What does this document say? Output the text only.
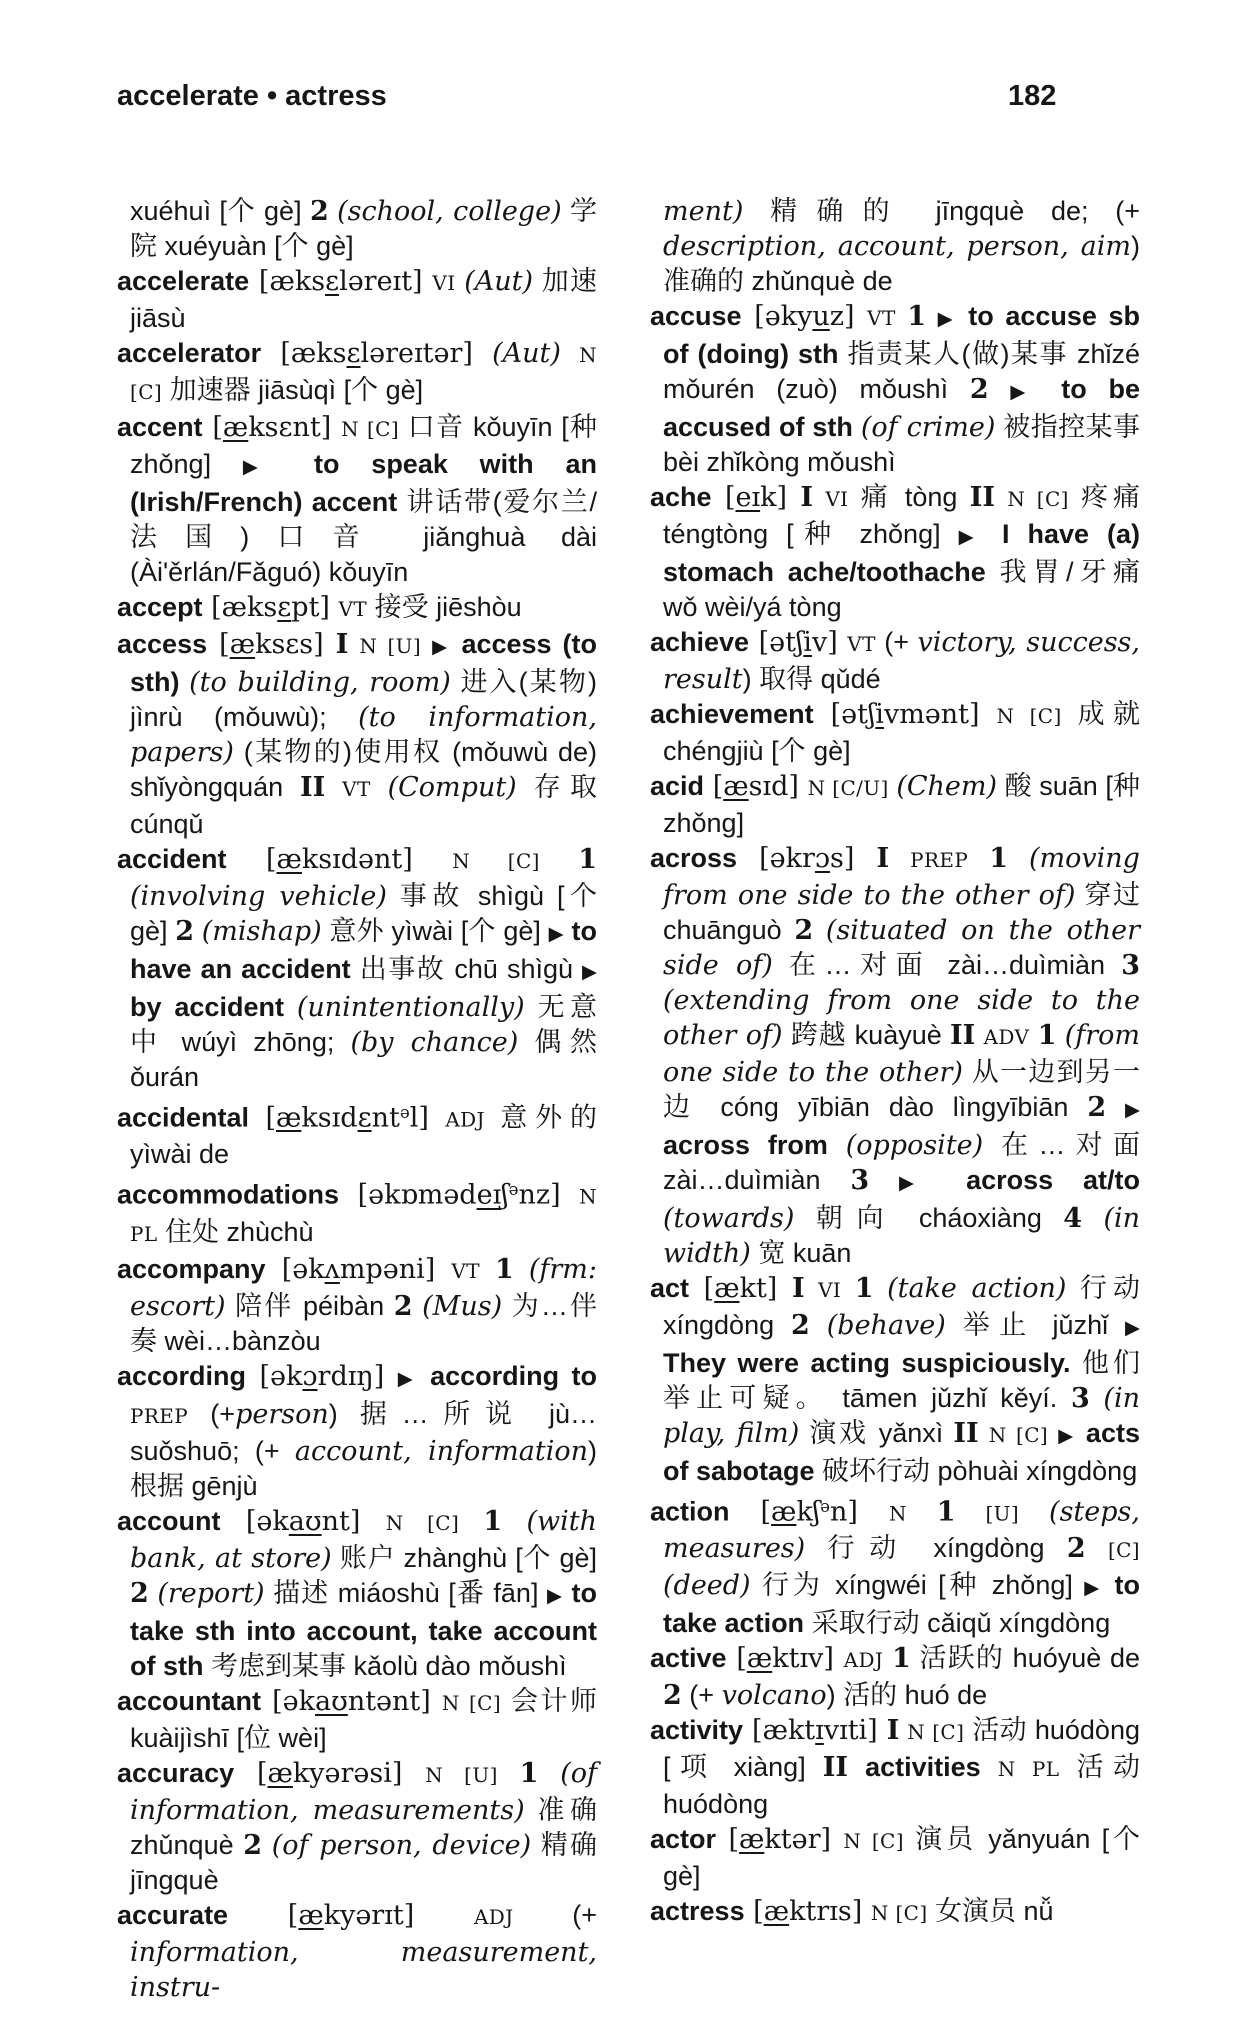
accelerate • actress	182

xuéhuì [个 gè] 2 (school, college) 学院 xuéyuàn [个 gè]

accelerate [æksɛləreɪt] VI (Aut) 加速 jiāsù

accelerator [æksɛləreɪtər] (Aut) N [C] 加速器 jiāsùqì [个 gè]

accent [æksɛnt] N [C] 口音 kǒuyīn [种 zhǒng] ▶ to speak with an (Irish/French) accent 讲话带(爱尔兰/法国)口音 jiǎnghuà dài (Ài'ěrlán/Fǎguó) kǒuyīn

accept [æksɛpt] VT 接受 jiēshòu

access [æksɛs] I N [U] ▶ access (to sth) (to building, room) 进入(某物) jìnrù (mǒuwù); (to information, papers) (某物的)使用权 (mǒuwù de) shǐyòngquán II VT (Comput) 存取 cúnqǔ

accident [æksɪdənt] N [C] 1 (involving vehicle) 事故 shìgù [个 gè] 2 (mishap) 意外 yìwài [个 gè] ▶ to have an accident 出事故 chū shìgù ▶ by accident (unintentionally) 无意中 wúyì zhōng; (by chance) 偶然 ǒurán

accidental [æksɪdɛnt$^ə$l] ADJ 意外的 yìwài de

accommodations [əkɒmədeɪʃ$^ə$nz] N PL 住处 zhùchù

accompany [əkʌmpəni] VT 1 (frm: escort) 陪伴 péibàn 2 (Mus) 为…伴奏 wèi…bànzòu

according [əkɔrdɪŋ] ▶ according to PREP (+person) 据…所说 jù…suǒshuō; (+ account, information) 根据 gēnjù

account [əkaʊnt] N [C] 1 (with bank, at store) 账户 zhànghù [个 gè] 2 (report) 描述 miáoshù [番 fān] ▶ to take sth into account, take account of sth 考虑到某事 kǎolù dào mǒushì

accountant [əkaʊntənt] N [C] 会计师 kuàijìshī [位 wèi]

accuracy [ækyərəsi] N [U] 1 (of information, measurements) 准确 zhǔnquè 2 (of person, device) 精确 jīngquè

accurate [ækyərɪt] ADJ (+ information, measurement, instru-

ment) 精确的 jīngquè de; (+ description, account, person, aim) 准确的 zhǔnquè de

accuse [əkyuz] VT 1 ▶ to accuse sb of (doing) sth 指责某人(做)某事 zhǐzé mǒurén (zuò) mǒushì 2 ▶ to be accused of sth (of crime) 被指控某事 bèi zhǐkòng mǒushì

ache [eɪk] I VI 痛 tòng II N [C] 疼痛 téngtòng [种 zhǒng] ▶ I have (a) stomach ache/toothache 我胃/牙痛 wǒ wèi/yá tòng

achieve [ətʃiv] VT (+ victory, success, result) 取得 qǔdé

achievement [ətʃivmənt] N [C] 成就 chéngjiù [个 gè]

acid [æsɪd] N [C/U] (Chem) 酸 suān [种 zhǒng]

across [əkrɔs] I PREP 1 (moving from one side to the other of) 穿过 chuānguò 2 (situated on the other side of) 在…对面 zài…duìmiàn 3 (extending from one side to the other of) 跨越 kuàyuè II ADV 1 (from one side to the other) 从一边到另一边 cóng yībiān dào lìngyībiān 2 ▶ across from (opposite) 在…对面 zài…duìmiàn 3 ▶ across at/to (towards) 朝向 cháoxiàng 4 (in width) 宽 kuān

act [ækt] I VI 1 (take action) 行动 xíngdòng 2 (behave) 举止 jǔzhǐ ▶ They were acting suspiciously. 他们举止可疑。 tāmen jǔzhǐ kěyí. 3 (in play, film) 演戏 yǎnxì II N [C] ▶ acts of sabotage 破坏行动 pòhuài xíngdòng

action [ækʃ$^ə$n] N 1 [U] (steps, measures) 行动 xíngdòng 2 [C] (deed) 行为 xíngwéi [种 zhǒng] ▶ to take action 采取行动 cǎiqǔ xíngdòng

active [æktɪv] ADJ 1 活跃的 huóyuè de 2 (+ volcano) 活的 huó de

activity [æktɪvɪti] I N [C] 活动 huódòng [项 xiàng] II activities N PL 活动 huódòng

actor [æktər] N [C] 演员 yǎnyuán [个 gè]

actress [æktrɪs] N [C] 女演员 nǚ
